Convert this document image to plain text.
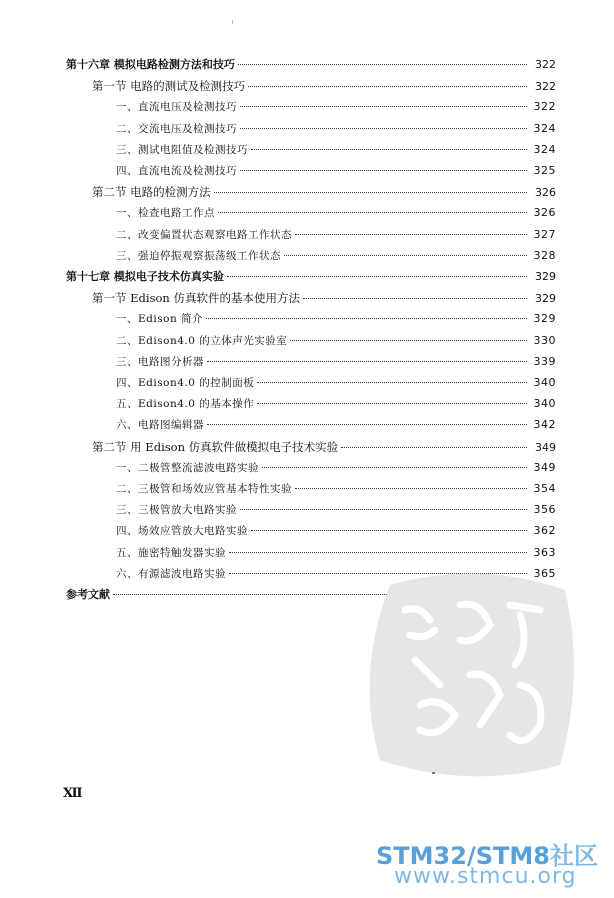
第十六章 模拟电路检测方法和技巧	322
第一节 电路的测试及检测技巧	322
一、直流电压及检测技巧	322
二、交流电压及检测技巧	324
三、测试电阻值及检测技巧	324
四、直流电流及检测技巧	325
第二节 电路的检测方法	326
一、检查电路工作点	326
二、改变偏置状态观察电路工作状态	327
三、强迫停振观察振荡级工作状态	328
第十七章 模拟电子技术仿真实验	329
第一节 Edison 仿真软件的基本使用方法	329
一、Edison 简介	329
二、Edison4.0 的立体声光实验室	330
三、电路图分析器	339
四、Edison4.0 的控制面板	340
五、Edison4.0 的基本操作	340
六、电路图编辑器	342
第二节 用 Edison 仿真软件做模拟电子技术实验	349
一、二极管整流滤波电路实验	349
二、三极管和场效应管基本特性实验	354
三、三极管放大电路实验	356
四、场效应管放大电路实验	362
五、施密特触发器实验	363
六、有源滤波电路实验	365
参考文献
Ⅻ
STM32/STM8社区
www.stmcu.org
